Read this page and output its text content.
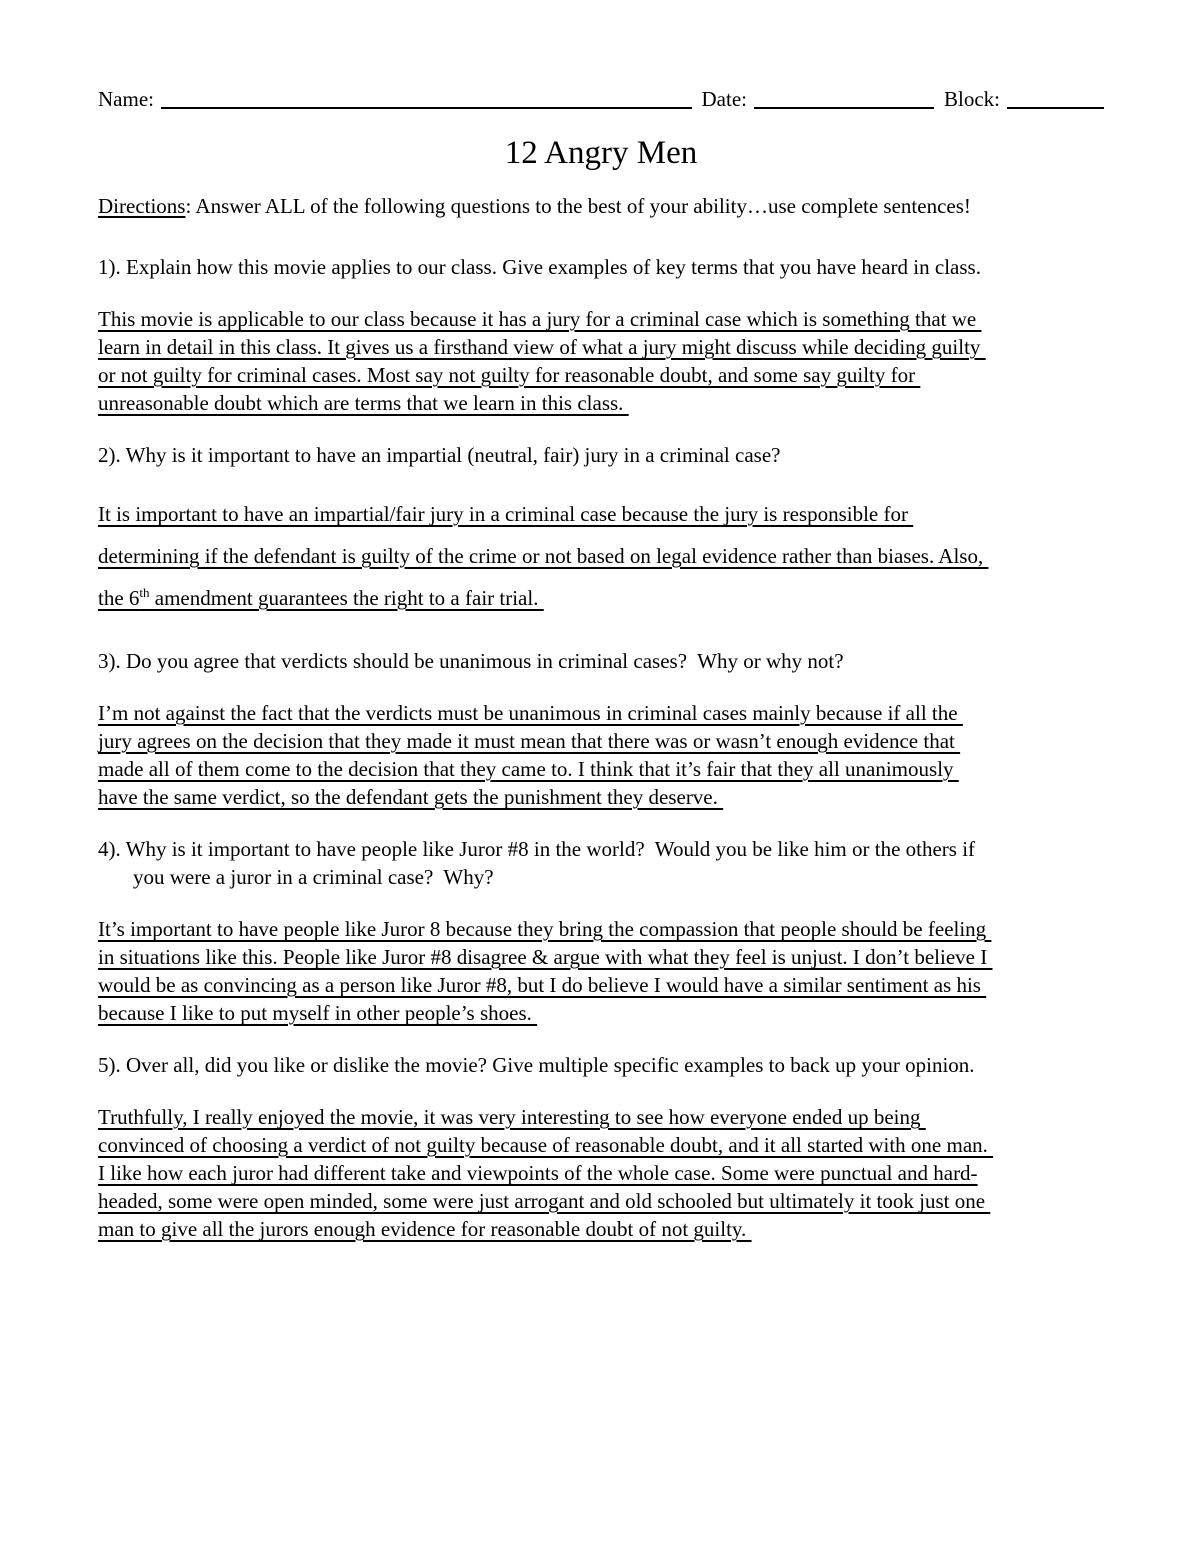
Name:	Date:	Block:
12 Angry Men
Directions: Answer ALL of the following questions to the best of your ability…use complete sentences!
1). Explain how this movie applies to our class. Give examples of key terms that you have heard in class.
This movie is applicable to our class because it has a jury for a criminal case which is something that we
learn in detail in this class. It gives us a firsthand view of what a jury might discuss while deciding guilty
or not guilty for criminal cases. Most say not guilty for reasonable doubt, and some say guilty for
unreasonable doubt which are terms that we learn in this class.
2). Why is it important to have an impartial (neutral, fair) jury in a criminal case?
It is important to have an impartial/fair jury in a criminal case because the jury is responsible for
determining if the defendant is guilty of the crime or not based on legal evidence rather than biases. Also,
the 6th amendment guarantees the right to a fair trial.
3). Do you agree that verdicts should be unanimous in criminal cases?  Why or why not?
I’m not against the fact that the verdicts must be unanimous in criminal cases mainly because if all the
jury agrees on the decision that they made it must mean that there was or wasn’t enough evidence that
made all of them come to the decision that they came to. I think that it’s fair that they all unanimously
have the same verdict, so the defendant gets the punishment they deserve.
4). Why is it important to have people like Juror #8 in the world?  Would you be like him or the others if
you were a juror in a criminal case?  Why?
It’s important to have people like Juror 8 because they bring the compassion that people should be feeling
in situations like this. People like Juror #8 disagree & argue with what they feel is unjust. I don’t believe I
would be as convincing as a person like Juror #8, but I do believe I would have a similar sentiment as his
because I like to put myself in other people’s shoes.
5). Over all, did you like or dislike the movie? Give multiple specific examples to back up your opinion.
Truthfully, I really enjoyed the movie, it was very interesting to see how everyone ended up being
convinced of choosing a verdict of not guilty because of reasonable doubt, and it all started with one man.
I like how each juror had different take and viewpoints of the whole case. Some were punctual and hard-
headed, some were open minded, some were just arrogant and old schooled but ultimately it took just one
man to give all the jurors enough evidence for reasonable doubt of not guilty.
